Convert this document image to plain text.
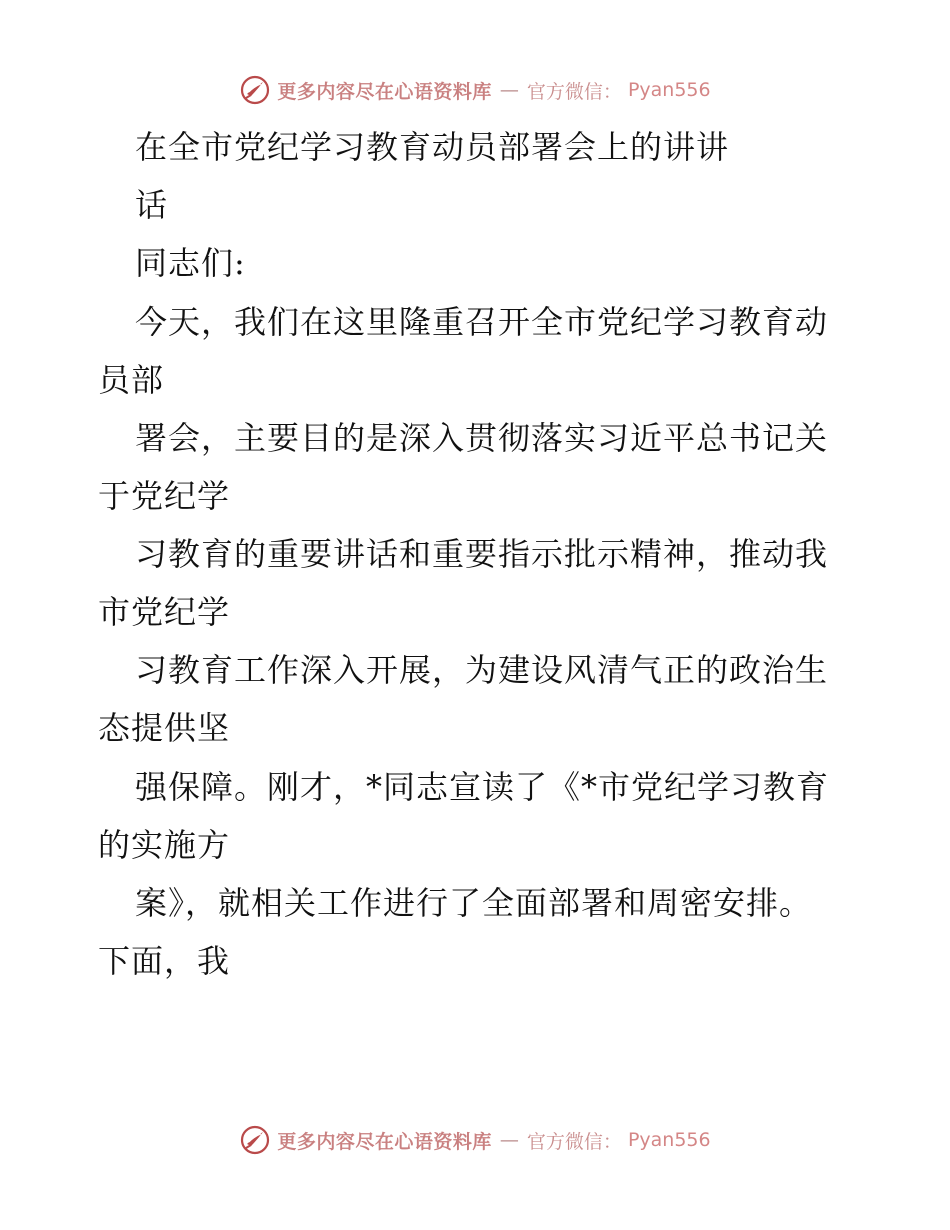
更多内容尽在心语资料库 — 官方微信： Pyan556
在全市党纪学习教育动员部署会上的讲讲
话
同志们:
今天，我们在这里隆重召开全市党纪学习教育动
员部
署会，主要目的是深入贯彻落实习近平总书记关
于党纪学
习教育的重要讲话和重要指示批示精神，推动我
市党纪学
习教育工作深入开展，为建设风清气正的政治生
态提供坚
强保障。刚才，*同志宣读了《*市党纪学习教育
的实施方
案》，就相关工作进行了全面部署和周密安排。
下面，我
更多内容尽在心语资料库 — 官方微信： Pyan556
